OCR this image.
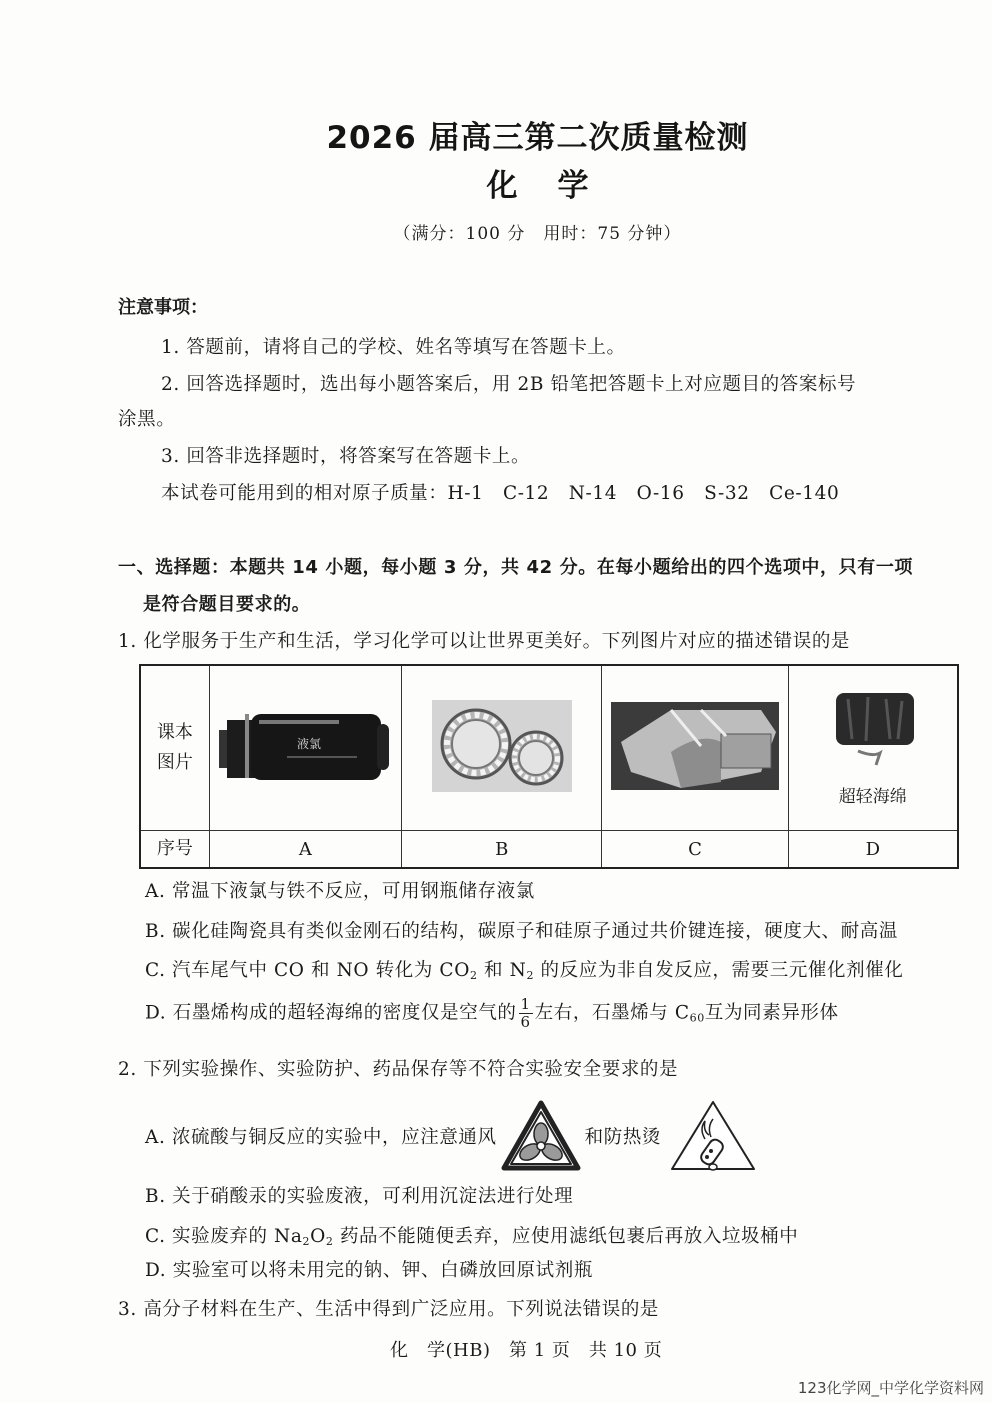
2026 届高三第二次质量检测
化 学
（满分：100 分　用时：75 分钟）
注意事项：
1. 答题前，请将自己的学校、姓名等填写在答题卡上。
2. 回答选择题时，选出每小题答案后，用 2B 铅笔把答题卡上对应题目的答案标号
涂黑。
3. 回答非选择题时，将答案写在答题卡上。
本试卷可能用到的相对原子质量：H-1 C-12 N-14 O-16 S-32 Ce-140
一、选择题：本题共 14 小题，每小题 3 分，共 42 分。在每小题给出的四个选项中，只有一项
是符合题目要求的。
1. 化学服务于生产和生活，学习化学可以让世界更美好。下列图片对应的描述错误的是
课本
图片	液氯			超轻海绵

序号	A	B	C	D
A. 常温下液氯与铁不反应，可用钢瓶储存液氯
B. 碳化硅陶瓷具有类似金刚石的结构，碳原子和硅原子通过共价键连接，硬度大、耐高温
C. 汽车尾气中 CO 和 NO 转化为 $CO_2$ 和 $N_2$ 的反应为非自发反应，需要三元催化剂催化
D. 石墨烯构成的超轻海绵的密度仅是空气的 $\frac{1}{6}$ 左右，石墨烯与 $C_{60}$互为同素异形体
2. 下列实验操作、实验防护、药品保存等不符合实验安全要求的是
A. 浓硫酸与铜反应的实验中，应注意通风	和防热烫
B. 关于硝酸汞的实验废液，可利用沉淀法进行处理
C. 实验废弃的 $Na_2O_2$ 药品不能随便丢弃，应使用滤纸包裹后再放入垃圾桶中
D. 实验室可以将未用完的钠、钾、白磷放回原试剂瓶
3. 高分子材料在生产、生活中得到广泛应用。下列说法错误的是
化　学(HB)　第 1 页　共 10 页
123化学网_中学化学资料网
